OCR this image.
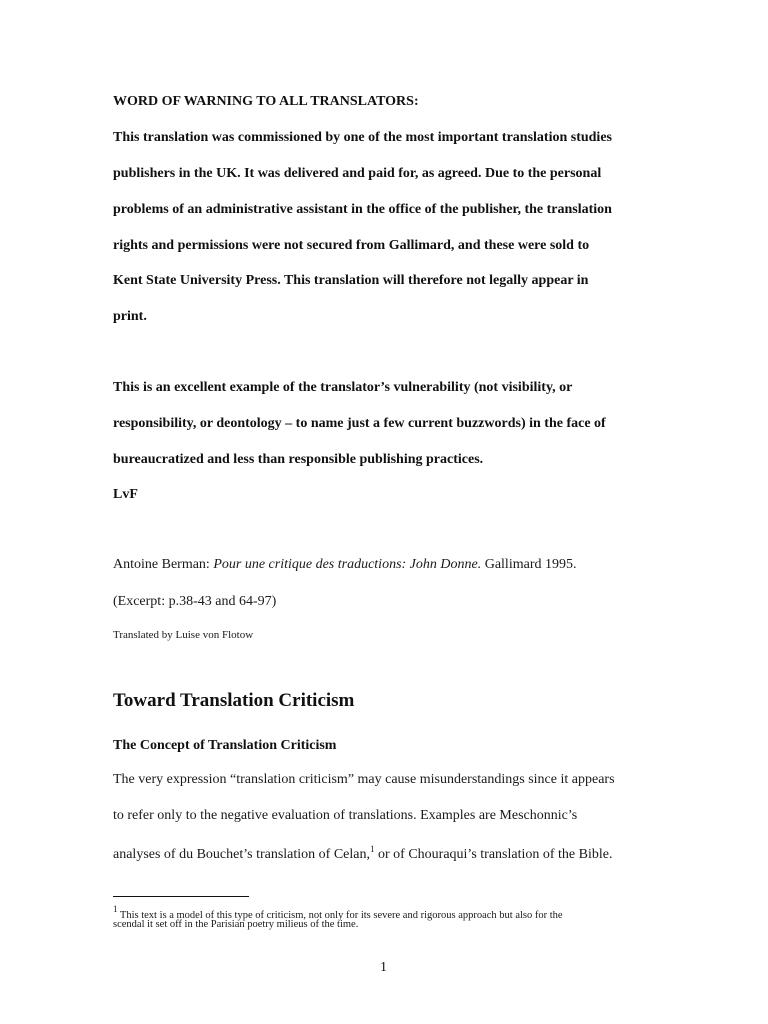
WORD OF WARNING TO ALL TRANSLATORS:
This translation was commissioned by one of the most important translation studies
publishers in the UK. It was delivered and paid for, as agreed. Due to the personal
problems of an administrative assistant in the office of the publisher, the translation
rights and permissions were not secured from Gallimard, and these were sold to
Kent State University Press. This translation will therefore not legally appear in
print.
This is an excellent example of the translator’s vulnerability (not visibility, or
responsibility, or deontology – to name just a few current buzzwords) in the face of
bureaucratized and less than responsible publishing practices.
LvF
Antoine Berman: Pour une critique des traductions: John Donne. Gallimard 1995.
(Excerpt: p.38-43 and 64-97)
Translated by Luise von Flotow
Toward Translation Criticism
The Concept of Translation Criticism
The very expression “translation criticism” may cause misunderstandings since it appears
to refer only to the negative evaluation of translations. Examples are Meschonnic’s
analyses of du Bouchet’s translation of Celan,$^1$ or of Chouraqui’s translation of the Bible.
$^1$ This text is a model of this type of criticism, not only for its severe and rigorous approach but also for the
scendal it set off in the Parisian poetry milieus of the time.
1
